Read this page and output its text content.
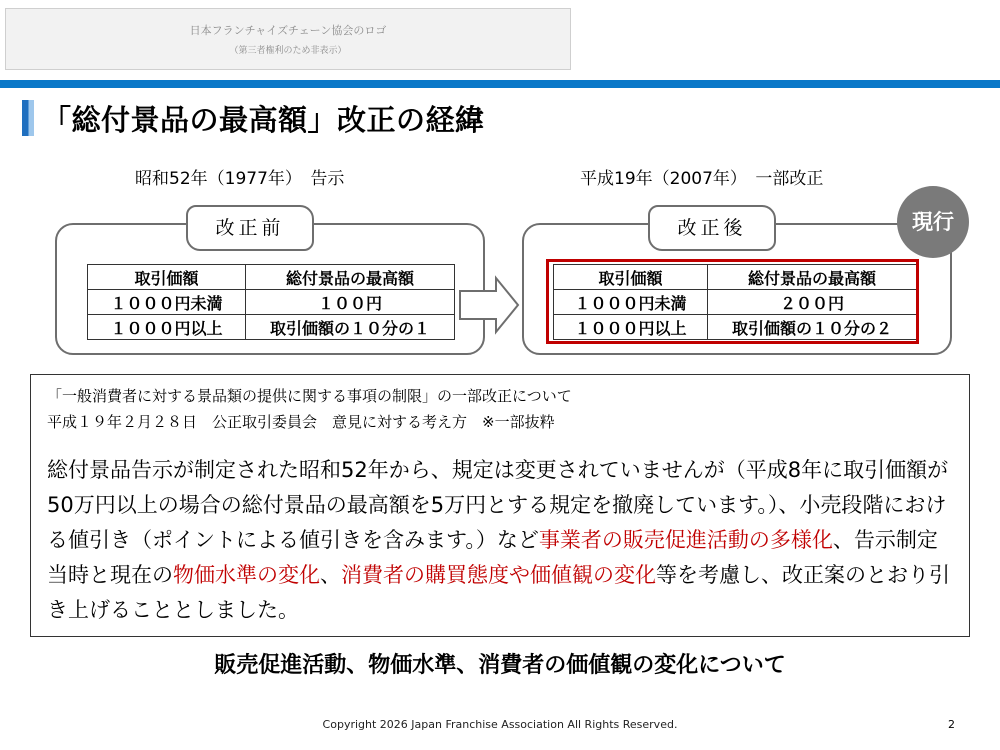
日本フランチャイズチェーン協会のロゴ
（第三者権利のため非表示）
「総付景品の最高額」改正の経緯
昭和52年（1977年）　告示	平成19年（2007年）　一部改正
改正前
取引価額	総付景品の最高額
１０００円未満	１００円
１０００円以上	取引価額の１０分の１
改正後
取引価額	総付景品の最高額
１０００円未満	２００円
１０００円以上	取引価額の１０分の２
現行
「一般消費者に対する景品類の提供に関する事項の制限」の一部改正について
平成１９年２月２８日　公正取引委員会　意見に対する考え方　※一部抜粋
総付景品告示が制定された昭和52年から、規定は変更されていませんが（平成8年に取引価額が50万円以上の場合の総付景品の最高額を5万円とする規定を撤廃しています。）、小売段階における値引き（ポイントによる値引きを含みます。）など事業者の販売促進活動の多様化、告示制定当時と現在の物価水準の変化、消費者の購買態度や価値観の変化等を考慮し、改正案のとおり引き上げることとしました。
販売促進活動、物価水準、消費者の価値観の変化について
Copyright 2026 Japan Franchise Association All Rights Reserved.	2
